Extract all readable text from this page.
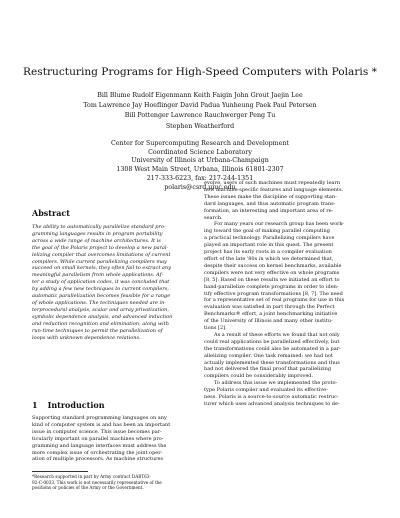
Restructuring Programs for High-Speed Computers with Polaris *
Bill Blume Rudolf Eigenmann Keith Faigin John Grout Jaejin Lee
Tom Lawrence Jay Hoeflinger David Padua Yunheung Paek Paul Petersen
Bill Pottenger Lawrence Rauchwerger Peng Tu
Stephen Weatherford
Center for Supercomputing Research and Development
Coordinated Science Laboratory
University of Illinois at Urbana-Champaign
1308 West Main Street, Urbana, Illinois 61801-2307
217-333-6223, fax: 217-244-1351
polaris@csrd.uiuc.edu
Abstract
The ability to automatically parallelize standard pro-
gramming languages results in program portability
across a wide range of machine architectures. It is
the goal of the Polaris project to develop a new paral-
lelizing compiler that overcomes limitations of current
compilers. While current parallelizing compilers may
succeed on small kernels, they often fail to extract any
meaningful parallelism from whole applications. Af-
ter a study of application codes, it was concluded that
by adding a few new techniques to current compilers,
automatic parallelization becomes feasible for a range
of whole applications. The techniques needed are in-
terprocedural analysis, scalar and array privatization,
symbolic dependence analysis, and advanced induction
and reduction recognition and elimination, along with
run-time techniques to permit the parallelization of
loops with unknown dependence relations.
1 Introduction
Supporting standard programming languages on any
kind of computer system is and has been an important
issue in computer science. This issue becomes par-
ticularly important on parallel machines where pro-
gramming and language interfaces must address the
more complex issue of orchestrating the joint oper-
ation of multiple processors. As machine structures
*Research supported in part by Army contract DABT63-
92-C-0033. This work is not necessarily representative of the
positions or policies of the Army or the Government.
evolve, users of such machines must repeatedly learn
new machine-specific features and language elements.
These issues make the discipline of supporting stan-
dard languages, and thus automatic program trans-
formation, an interesting and important area of re-
search.
For many years our research group has been work-
ing toward the goal of making parallel computing
a practical technology. Parallelizing compilers have
played an important role in this quest. The present
project has its early roots in a compiler evaluation
effort of the late '80s in which we determined that,
despite their success on kernel benchmarks, available
compilers were not very effective on whole programs
[8, 5]. Based on these results we initiated an effort to
hand-parallelize complete programs in order to iden-
tify effective program transformations [8, 7]. The need
for a representative set of real programs for use in this
evaluation was satisfied in part through the Perfect
Benchmarks® effort, a joint benchmarking initiative
of the University of Illinois and many other institu-
tions [2].
As a result of these efforts we found that not only
could real applications be parallelized effectively, but
the transformations could also be automated in a par-
allelizing compiler. One task remained: we had not
actually implemented these transformations and thus
had not delivered the final proof that parallelizing
compilers could be considerably improved.
To address this issue we implemented the proto-
type Polaris compiler and evaluated its effective-
ness. Polaris is a source-to-source automatic restruc-
turer which uses advanced analysis techniques to de-
